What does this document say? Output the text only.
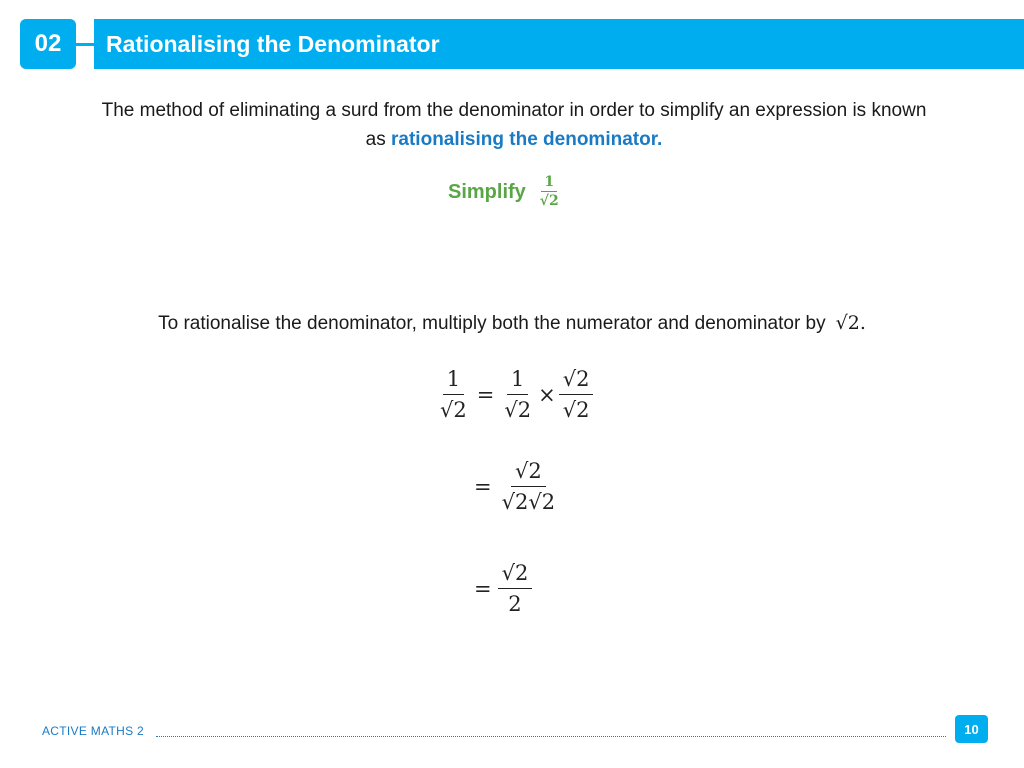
02	Rationalising the Denominator
The method of eliminating a surd from the denominator in order to simplify an expression is known as rationalising the denominator.
Simplify $\frac{1}{√2}$
To rationalise the denominator, multiply both the numerator and denominator by √2.
$\frac{1}{√2} = \frac{1}{√2} \times \frac{√2}{√2}$
= $\frac{√2}{√2√2}$
= $\frac{√2}{2}$
ACTIVE MATHS 2	10
